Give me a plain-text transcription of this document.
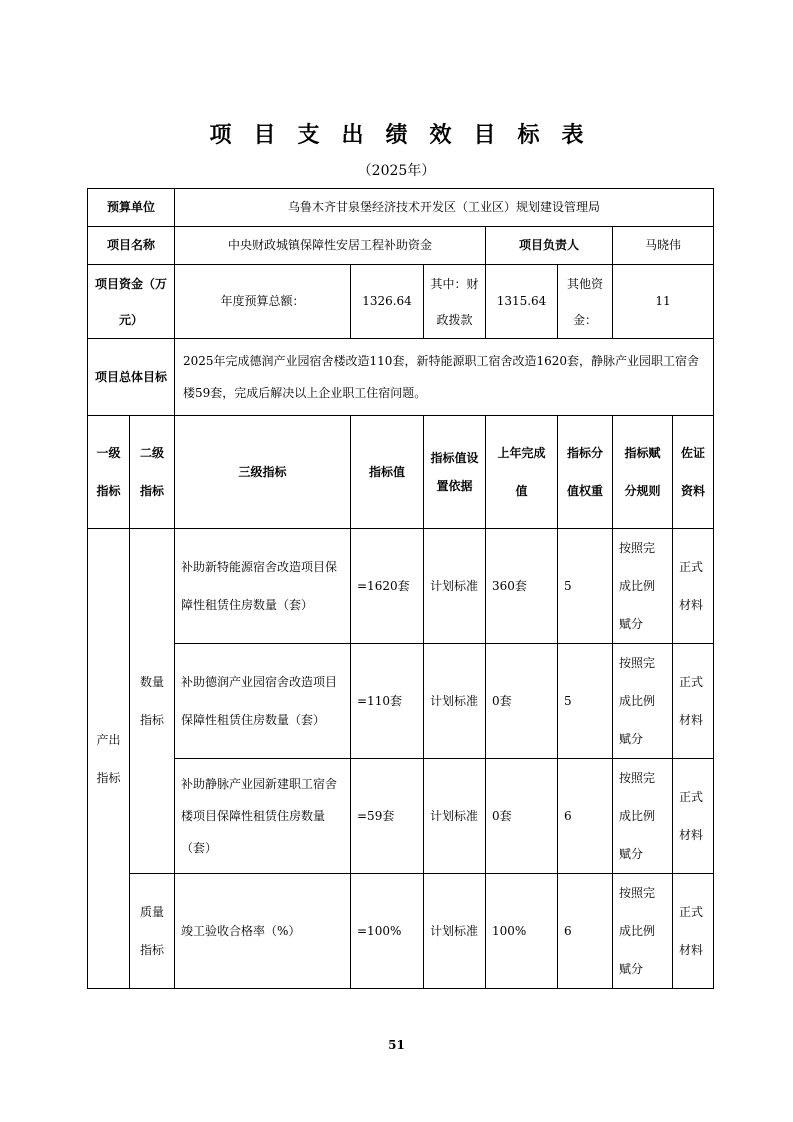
项目支出绩效目标表
（2025年）
预算单位		乌鲁木齐甘泉堡经济技术开发区（工业区）规划建设管理局						
项目名称		中央财政城镇保障性安居工程补助资金			项目负责人		马晓伟	
项目资金（万元）		年度预算总额：	1326.64	其中：财政拨款	1315.64	其他资金：	11	
项目总体目标		2025年完成德润产业园宿舍楼改造110套，新特能源职工宿舍改造1620套，静脉产业园职工宿舍楼59套，完成后解决以上企业职工住宿问题。						
一级指标	二级指标	三级指标	指标值	指标值设置依据	上年完成值	指标分值权重	指标赋分规则	佐证资料
产出指标	数量指标	补助新特能源宿舍改造项目保障性租赁住房数量（套）	=1620套	计划标准	360套	5	按照完成比例赋分	正式材料
		补助德润产业园宿舍改造项目保障性租赁住房数量（套）	=110套	计划标准	0套	5	按照完成比例赋分	正式材料
		补助静脉产业园新建职工宿舍楼项目保障性租赁住房数量（套）	=59套	计划标准	0套	6	按照完成比例赋分	正式材料
	质量指标	竣工验收合格率（%）	=100%	计划标准	100%	6	按照完成比例赋分	正式材料
51
